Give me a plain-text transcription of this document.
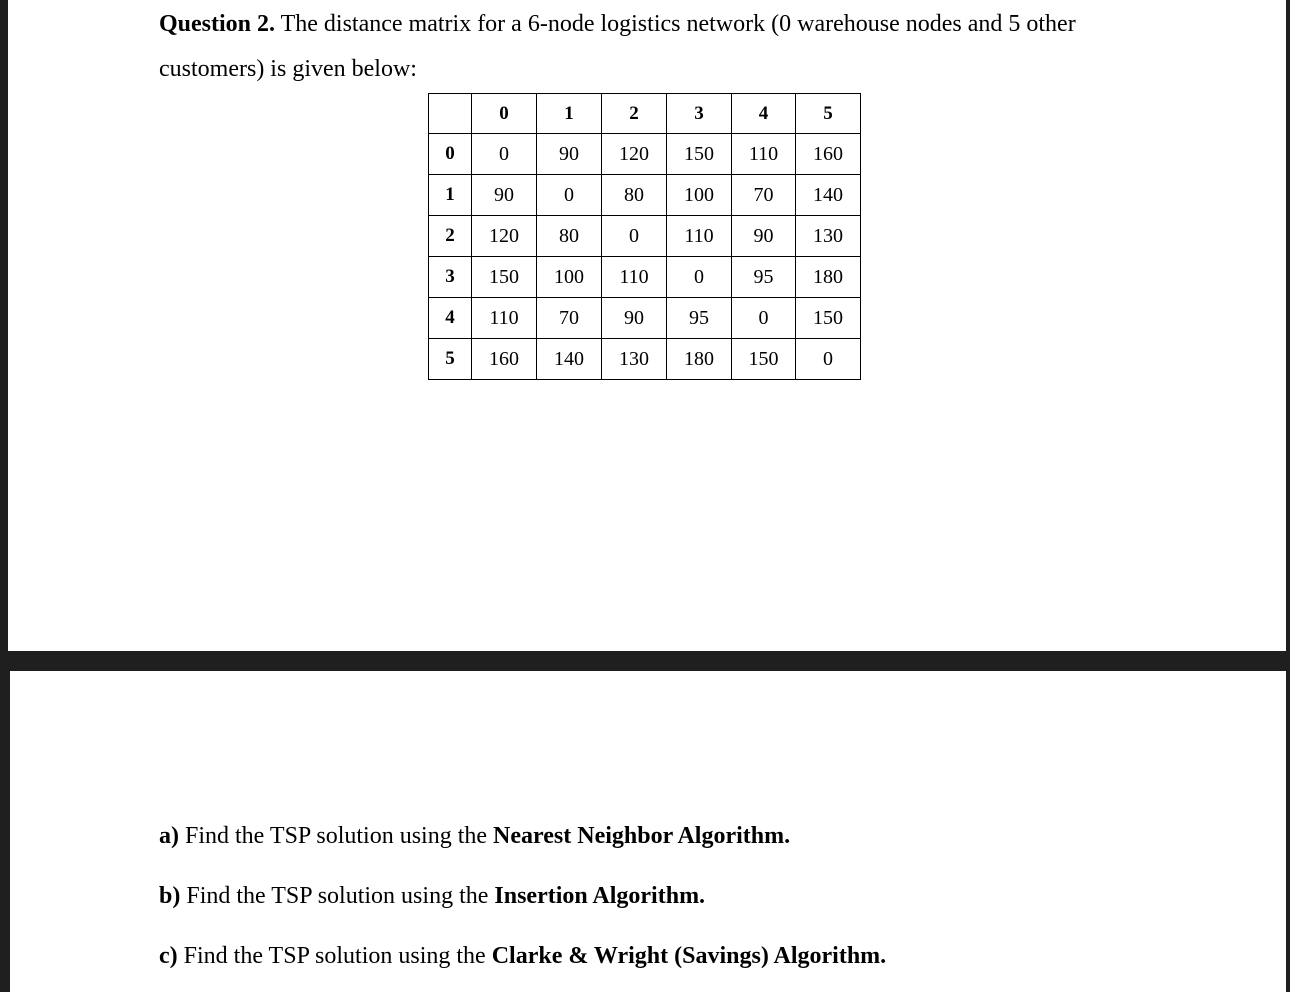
Question 2. The distance matrix for a 6-node logistics network (0 warehouse nodes and 5 other
customers) is given below:
	0	1	2	3	4	5
0	0	90	120	150	110	160
1	90	0	80	100	70	140
2	120	80	0	110	90	130
3	150	100	110	0	95	180
4	110	70	90	95	0	150
5	160	140	130	180	150	0
a) Find the TSP solution using the Nearest Neighbor Algorithm.
b) Find the TSP solution using the Insertion Algorithm.
c) Find the TSP solution using the Clarke & Wright (Savings) Algorithm.
